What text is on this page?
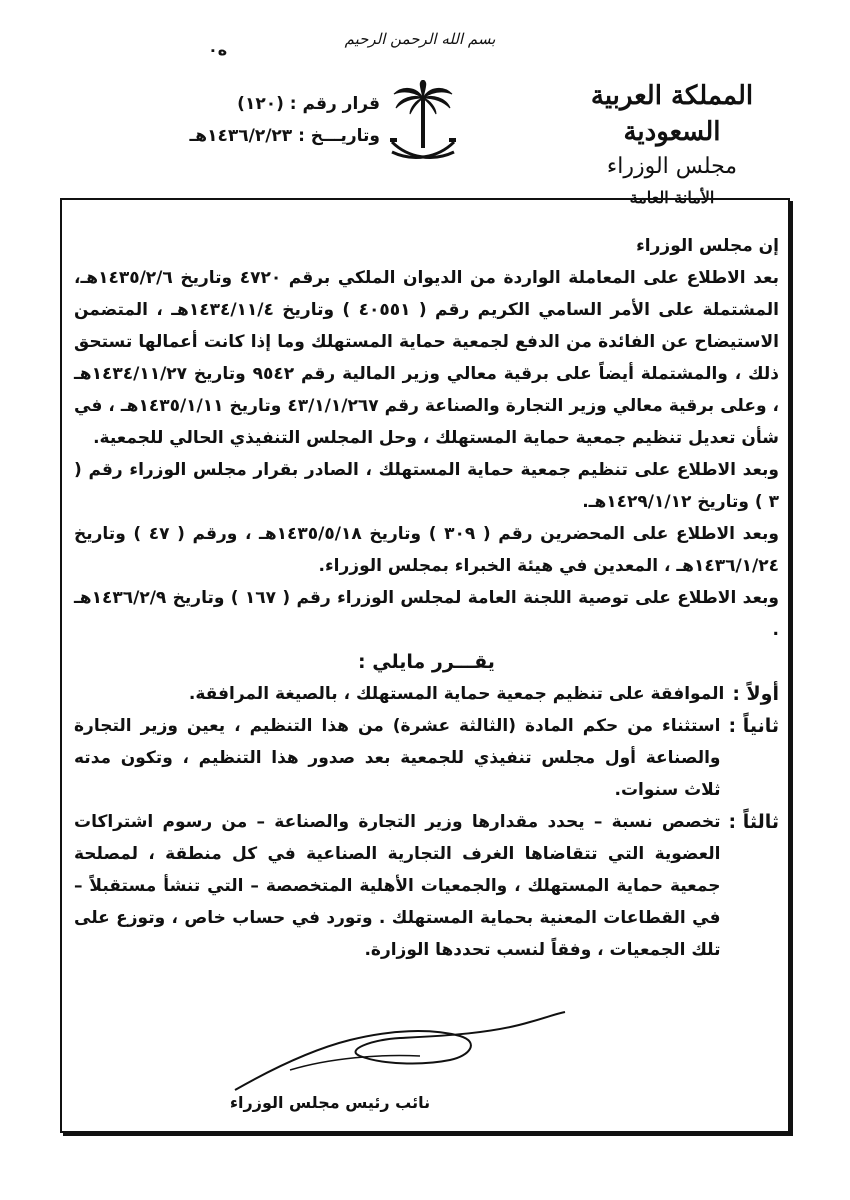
بسم الله الرحمن الرحيم
ه٠
المملكة العربية السعودية
مجلس الوزراء
الأمانة العامة
قرار رقم : (١٢٠)
وتاريـــخ : ١٤٣٦/٢/٢٣هـ

إن مجلس الوزراء

بعد الاطلاع على المعاملة الواردة من الديوان الملكي برقم ٤٧٢٠ وتاريخ ١٤٣٥/٢/٦هـ، المشتملة على الأمر السامي الكريم رقم ( ٤٠٥٥١ ) وتاريخ ١٤٣٤/١١/٤هـ ، المتضمن الاستيضاح عن الفائدة من الدفع لجمعية حماية المستهلك وما إذا كانت أعمالها تستحق ذلك ، والمشتملة أيضاً على برقية معالي وزير المالية رقم ٩٥٤٢ وتاريخ ١٤٣٤/١١/٢٧هـ ، وعلى برقية معالي وزير التجارة والصناعة رقم ٤٣/١/١/٢٦٧ وتاريخ ١٤٣٥/١/١١هـ ، في شأن تعديل تنظيم جمعية حماية المستهلك ، وحل المجلس التنفيذي الحالي للجمعية.

وبعد الاطلاع على تنظيم جمعية حماية المستهلك ، الصادر بقرار مجلس الوزراء رقم ( ٣ ) وتاريخ ١٤٢٩/١/١٢هـ.

وبعد الاطلاع على المحضرين رقم ( ٣٠٩ ) وتاريخ ١٤٣٥/٥/١٨هـ ، ورقم ( ٤٧ ) وتاريخ ١٤٣٦/١/٢٤هـ ، المعدين في هيئة الخبراء بمجلس الوزراء.

وبعد الاطلاع على توصية اللجنة العامة لمجلس الوزراء رقم ( ١٦٧ ) وتاريخ ١٤٣٦/٢/٩هـ .

يقـــرر مايلي :

أولاً :
الموافقة على تنظيم جمعية حماية المستهلك ، بالصيغة المرافقة.
ثانياً :
استثناء من حكم المادة (الثالثة عشرة) من هذا التنظيم ، يعين وزير التجارة والصناعة أول مجلس تنفيذي للجمعية بعد صدور هذا التنظيم ، وتكون مدته ثلاث سنوات.
ثالثاً :
تخصص نسبة – يحدد مقدارها وزير التجارة والصناعة – من رسوم اشتراكات العضوية التي تتقاضاها الغرف التجارية الصناعية في كل منطقة ، لمصلحة جمعية حماية المستهلك ، والجمعيات الأهلية المتخصصة – التي تنشأ مستقبلاً – في القطاعات المعنية بحماية المستهلك . وتورد في حساب خاص ، وتوزع على تلك الجمعيات ، وفقاً لنسب تحددها الوزارة.
نائب رئيس مجلس الوزراء
